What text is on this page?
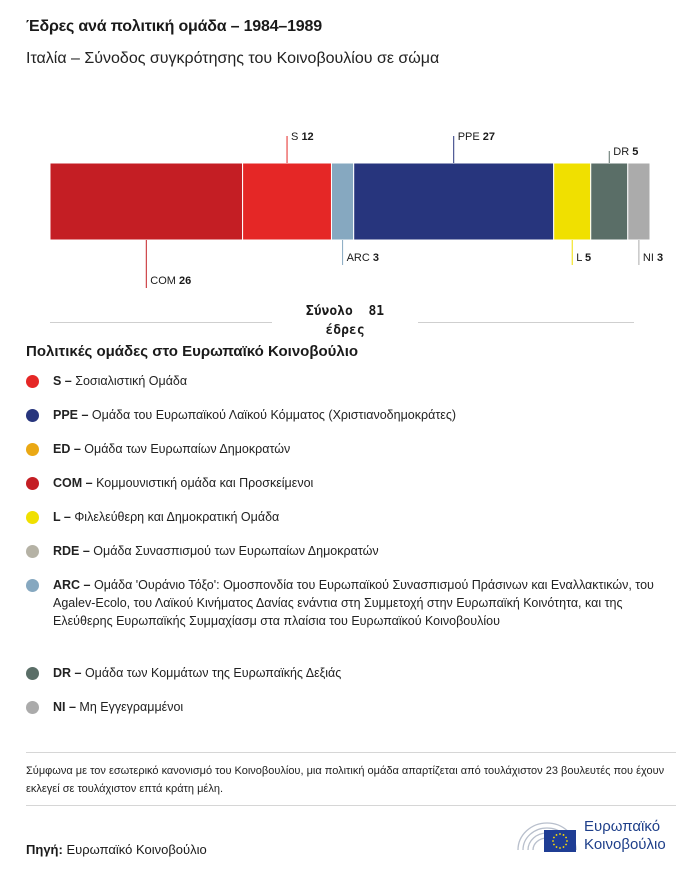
Έδρες ανά πολιτική ομάδα – 1984–1989
Ιταλία – Σύνοδος συγκρότησης του Κοινοβουλίου σε σώμα
COM 26
S 12
ARC 3
PPE 27
L 5
DR 5
NI 3
Σύνολο 81
έδρες
Πολιτικές ομάδες στο Ευρωπαϊκό Κοινοβούλιο
S – Σοσιαλιστική Ομάδα
PPE – Ομάδα του Ευρωπαϊκού Λαϊκού Κόμματος (Χριστιανοδημοκράτες)
ED – Ομάδα των Ευρωπαίων Δημοκρατών
COM – Κομμουνιστική ομάδα και Προσκείμενοι
L – Φιλελεύθερη και Δημοκρατική Ομάδα
RDE – Ομάδα Συνασπισμού των Ευρωπαίων Δημοκρατών
ARC – Ομάδα 'Ουράνιο Τόξο': Ομοσπονδία του Ευρωπαϊκού Συνασπισμού Πράσινων και Εναλλακτικών, του Agalev-Ecolo, του Λαϊκού Κινήματος Δανίας ενάντια στη Συμμετοχή στην Ευρωπαϊκή Κοινότητα, και της Ελεύθερης Ευρωπαϊκής Συμμαχίασμ στα πλαίσια του Ευρωπαϊκού Κοινοβουλίου
DR – Ομάδα των Κομμάτων της Ευρωπαϊκής Δεξιάς
NI – Μη Εγγεγραμμένοι
Σύμφωνα με τον εσωτερικό κανονισμό του Κοινοβουλίου, μια πολιτική ομάδα απαρτίζεται από τουλάχιστον 23 βουλευτές που έχουν εκλεγεί σε τουλάχιστον επτά κράτη μέλη.
Πηγή: Ευρωπαϊκό Κοινοβούλιο
Ευρωπαϊκό
Κοινοβούλιο
